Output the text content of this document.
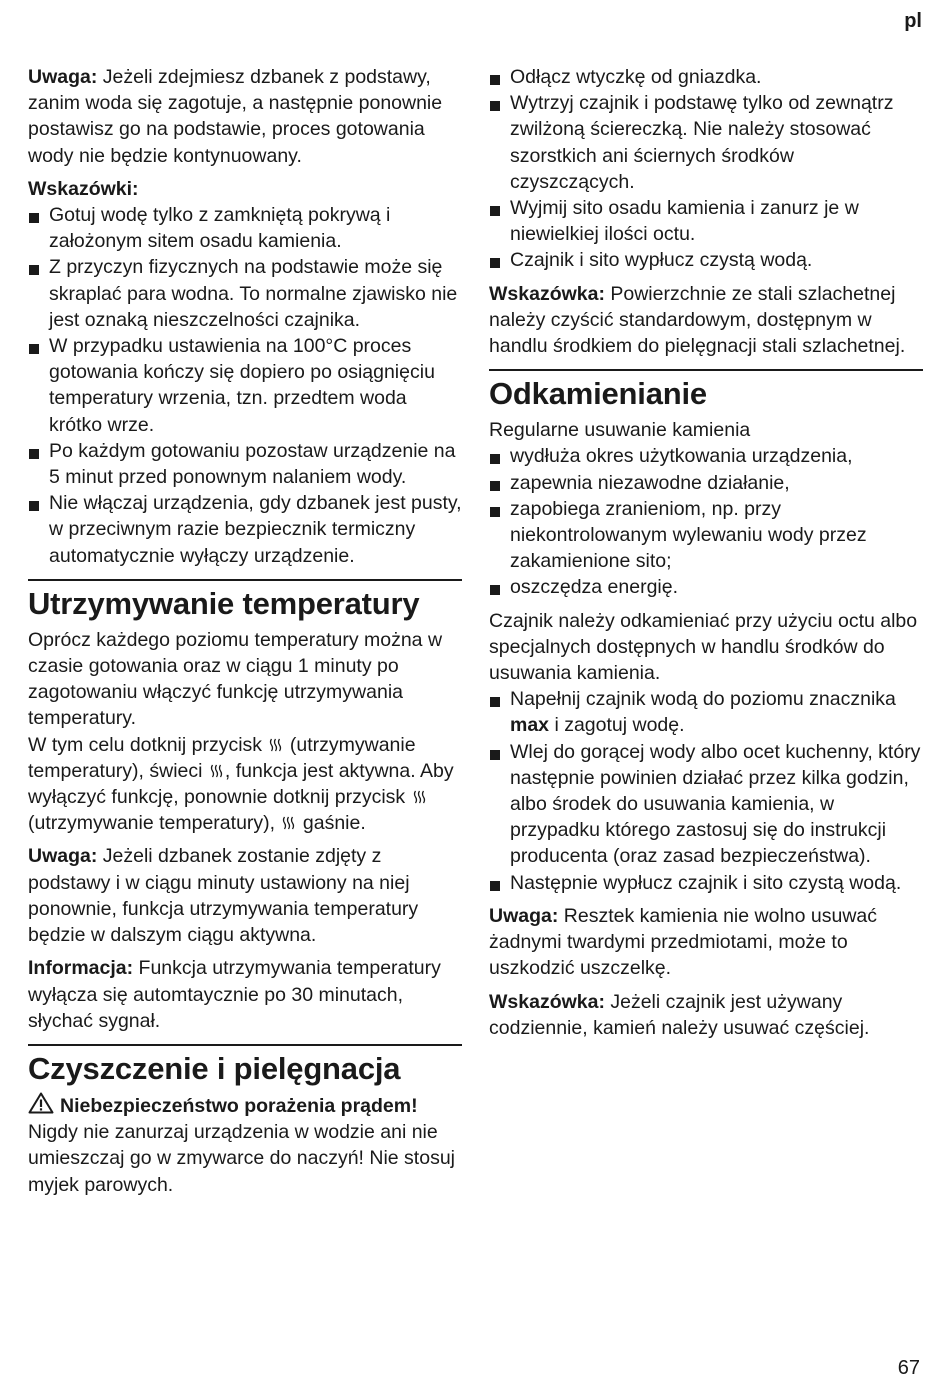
pl

Uwaga: Jeżeli zdejmiesz dzbanek z podstawy, zanim woda się zagotuje, a następnie ponownie postawisz go na podstawie, proces gotowania wody nie będzie kontynuowany.

Wskazówki:
Gotuj wodę tylko z zamkniętą pokrywą i założonym sitem osadu kamienia.
Z przyczyn fizycznych na podstawie może się skraplać para wodna. To normalne zjawisko nie jest oznaką nieszczelności czajnika.
W przypadku ustawienia na 100°C proces gotowania kończy się dopiero po osiągnięciu temperatury wrzenia, tzn. przedtem woda krótko wrze.
Po każdym gotowaniu pozostaw urządzenie na 5 minut przed ponownym nalaniem wody.
Nie włączaj urządzenia, gdy dzbanek jest pusty, w przeciwnym razie bezpiecznik termiczny automatycznie wyłączy urządzenie.
Utrzymywanie temperatury

Oprócz każdego poziomu temperatury można w czasie gotowania oraz w ciągu 1 minuty po zagotowaniu włączyć funkcję utrzymywania temperatury.

W tym celu dotknij przycisk  (utrzymywanie temperatury), świeci , funkcja jest aktywna. Aby wyłączyć funkcję, ponownie dotknij przycisk  (utrzymywanie temperatury),  gaśnie.

Uwaga: Jeżeli dzbanek zostanie zdjęty z podstawy i w ciągu minuty ustawiony na niej ponownie, funkcja utrzymywania temperatury będzie w dalszym ciągu aktywna.

Informacja: Funkcja utrzymywania temperatury wyłącza się automtaycznie po 30 minutach, słychać sygnał.

Czyszczenie i pielęgnacja
Niebezpieczeństwo porażenia prądem!

Nigdy nie zanurzaj urządzenia w wodzie ani nie umieszczaj go w zmywarce do naczyń! Nie stosuj myjek parowych.

Odłącz wtyczkę od gniazdka.
Wytrzyj czajnik i podstawę tylko od zewnątrz zwilżoną ściereczką. Nie należy stosować szorstkich ani ściernych środków czyszczących.
Wyjmij sito osadu kamienia i zanurz je w niewielkiej ilości octu.
Czajnik i sito wypłucz czystą wodą.

Wskazówka: Powierzchnie ze stali szlachetnej należy czyścić standardowym, dostępnym w handlu środkiem do pielęgnacji stali szlachetnej.

Odkamienianie
Regularne usuwanie kamienia
wydłuża okres użytkowania urządzenia,
zapewnia niezawodne działanie,
zapobiega zranieniom, np. przy niekontrolowanym wylewaniu wody przez zakamienione sito;
oszczędza energię.
Czajnik należy odkamieniać przy użyciu octu albo specjalnych dostępnych w handlu środków do usuwania kamienia.
Napełnij czajnik wodą do poziomu znacznika max i zagotuj wodę.
Wlej do gorącej wody albo ocet kuchenny, który następnie powinien działać przez kilka godzin, albo środek do usuwania kamienia, w przypadku którego zastosuj się do instrukcji producenta (oraz zasad bezpieczeństwa).
Następnie wypłucz czajnik i sito czystą wodą.

Uwaga: Resztek kamienia nie wolno usuwać żadnymi twardymi przedmiotami, może to uszkodzić uszczelkę.

Wskazówka: Jeżeli czajnik jest używany codziennie, kamień należy usuwać częściej.

67
